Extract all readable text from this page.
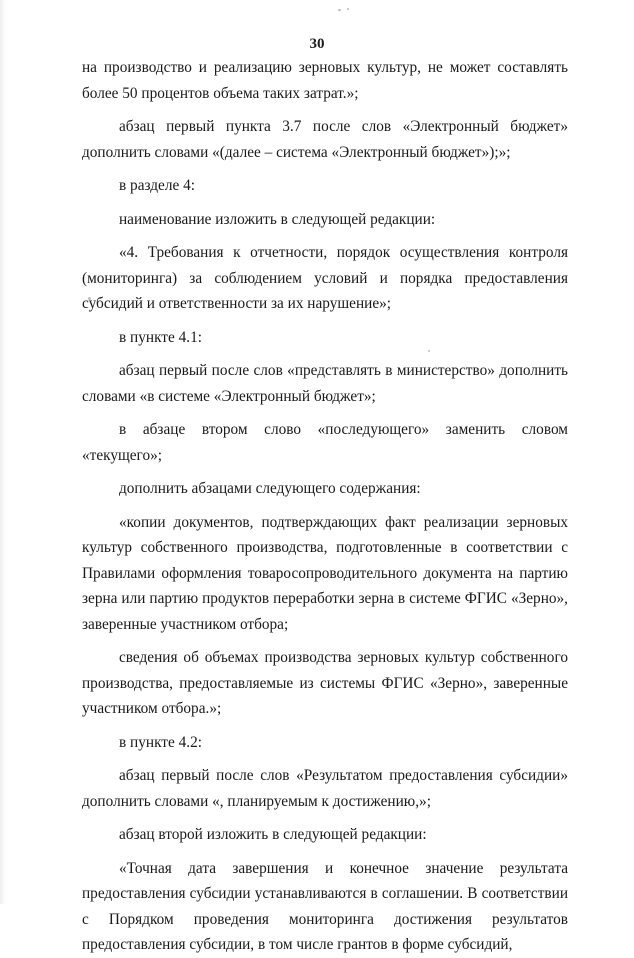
30

на производство и реализацию зерновых культур, не может составлять более 50 процентов объема таких затрат.»;

абзац первый пункта 3.7 после слов «Электронный бюджет» дополнить словами «(далее – система «Электронный бюджет»);»;

в разделе 4:

наименование изложить в следующей редакции:

«4. Требования к отчетности, порядок осуществления контроля (мониторинга) за соблюдением условий и порядка предоставления субсидий и ответственности за их нарушение»;

в пункте 4.1:

абзац первый после слов «представлять в министерство» дополнить словами «в системе «Электронный бюджет»;

в абзаце втором слово «последующего» заменить словом «текущего»;

дополнить абзацами следующего содержания:

«копии документов, подтверждающих факт реализации зерновых культур собственного производства, подготовленные в соответствии с Правилами оформления товаросопроводительного документа на партию зерна или партию продуктов переработки зерна в системе ФГИС «Зерно», заверенные участником отбора;

сведения об объемах производства зерновых культур собственного производства, предоставляемые из системы ФГИС «Зерно», заверенные участником отбора.»;

в пункте 4.2:

абзац первый после слов «Результатом предоставления субсидии» дополнить словами «, планируемым к достижению,»;

абзац второй изложить в следующей редакции:

«Точная дата завершения и конечное значение результата предоставления субсидии устанавливаются в соглашении. В соответствии с Порядком проведения мониторинга достижения результатов предоставления субсидии, в том числе грантов в форме субсидий,
